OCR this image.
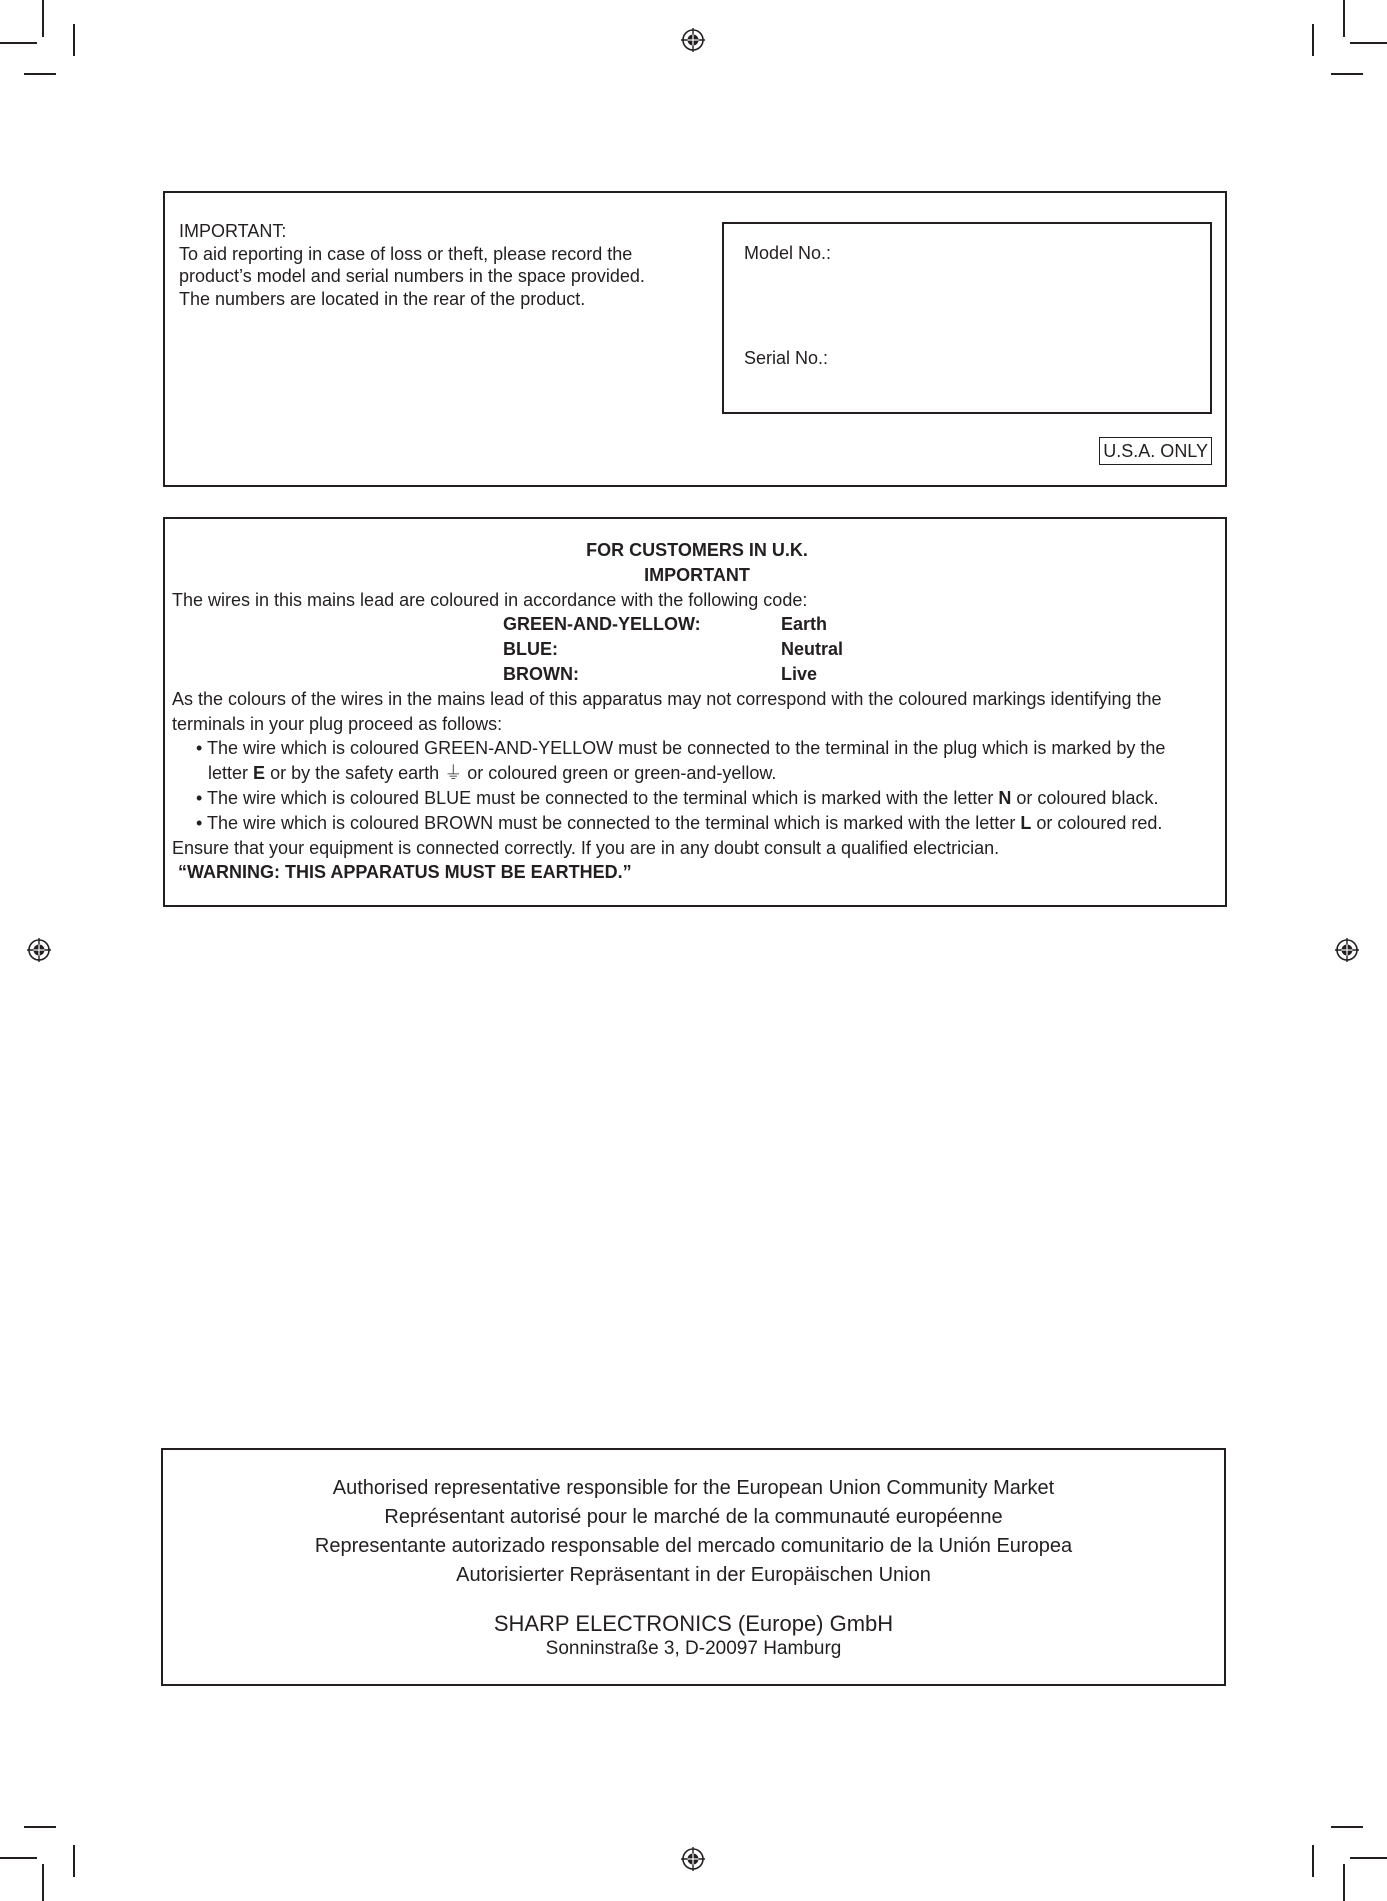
IMPORTANT:
To aid reporting in case of loss or theft, please record the
product’s model and serial numbers in the space provided.
The numbers are located in the rear of the product.
Model No.:
Serial No.:
U.S.A. ONLY
FOR CUSTOMERS IN U.K.
IMPORTANT
The wires in this mains lead are coloured in accordance with the following code:
GREEN-AND-YELLOW:	Earth
BLUE:	Neutral
BROWN:	Live
As the colours of the wires in the mains lead of this apparatus may not correspond with the coloured markings identifying the
terminals in your plug proceed as follows:
• The wire which is coloured GREEN-AND-YELLOW must be connected to the terminal in the plug which is marked by the
letter E or by the safety earth ⏚ or coloured green or green-and-yellow.
• The wire which is coloured BLUE must be connected to the terminal which is marked with the letter N or coloured black.
• The wire which is coloured BROWN must be connected to the terminal which is marked with the letter L or coloured red.
Ensure that your equipment is connected correctly. If you are in any doubt consult a qualified electrician.
“WARNING: THIS APPARATUS MUST BE EARTHED.”
Authorised representative responsible for the European Union Community Market
Représentant autorisé pour le marché de la communauté européenne
Representante autorizado responsable del mercado comunitario de la Unión Europea
Autorisierter Repräsentant in der Europäischen Union
SHARP ELECTRONICS (Europe) GmbH
Sonninstraße 3, D-20097 Hamburg
